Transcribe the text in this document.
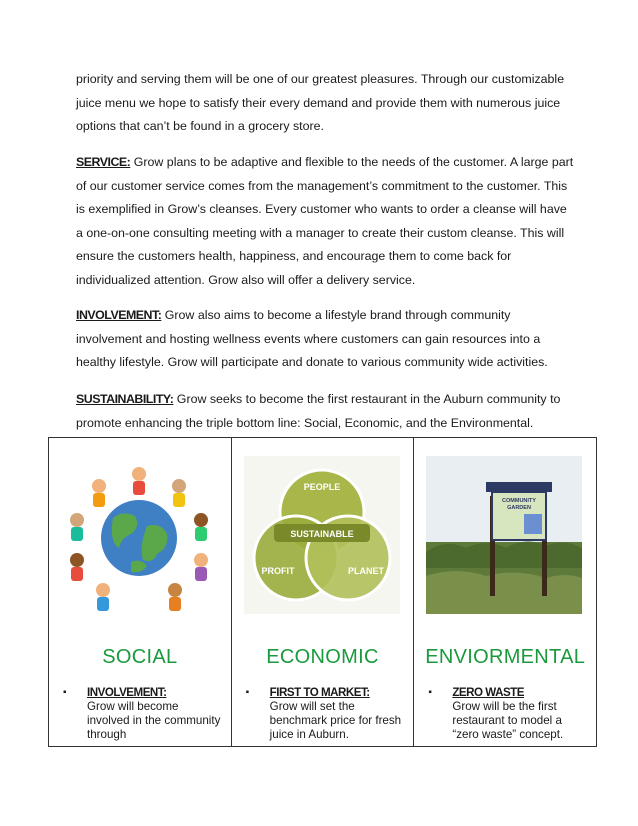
priority and serving them will be one of our greatest pleasures. Through our customizable juice menu we hope to satisfy their every demand and provide them with numerous juice options that can’t be found in a grocery store.

SERVICE: Grow plans to be adaptive and flexible to the needs of the customer. A large part of our customer service comes from the management’s commitment to the customer. This is exemplified in Grow’s cleanses. Every customer who wants to order a cleanse will have a one-on-one consulting meeting with a manager to create their custom cleanse. This will ensure the customers health, happiness, and encourage them to come back for individualized attention. Grow also will offer a delivery service.

INVOLVEMENT: Grow also aims to become a lifestyle brand through community involvement and hosting wellness events where customers can gain resources into a healthy lifestyle. Grow will participate and donate to various community wide activities.

SUSTAINABILITY: Grow seeks to become the first restaurant in the Auburn community to promote enhancing the triple bottom line: Social, Economic, and the Environmental.

SOCIAL
▪ INVOLVEMENT:
Grow will become involved in the community through
PEOPLE
SUSTAINABLE
PROFIT	PLANET
ECONOMIC
▪ FIRST TO MARKET:
Grow will set the benchmark price for fresh juice in Auburn.
COMMUNITY
GARDEN
ENVIORMENTAL
▪ ZERO WASTE
Grow will be the first restaurant to model a “zero waste” concept.
